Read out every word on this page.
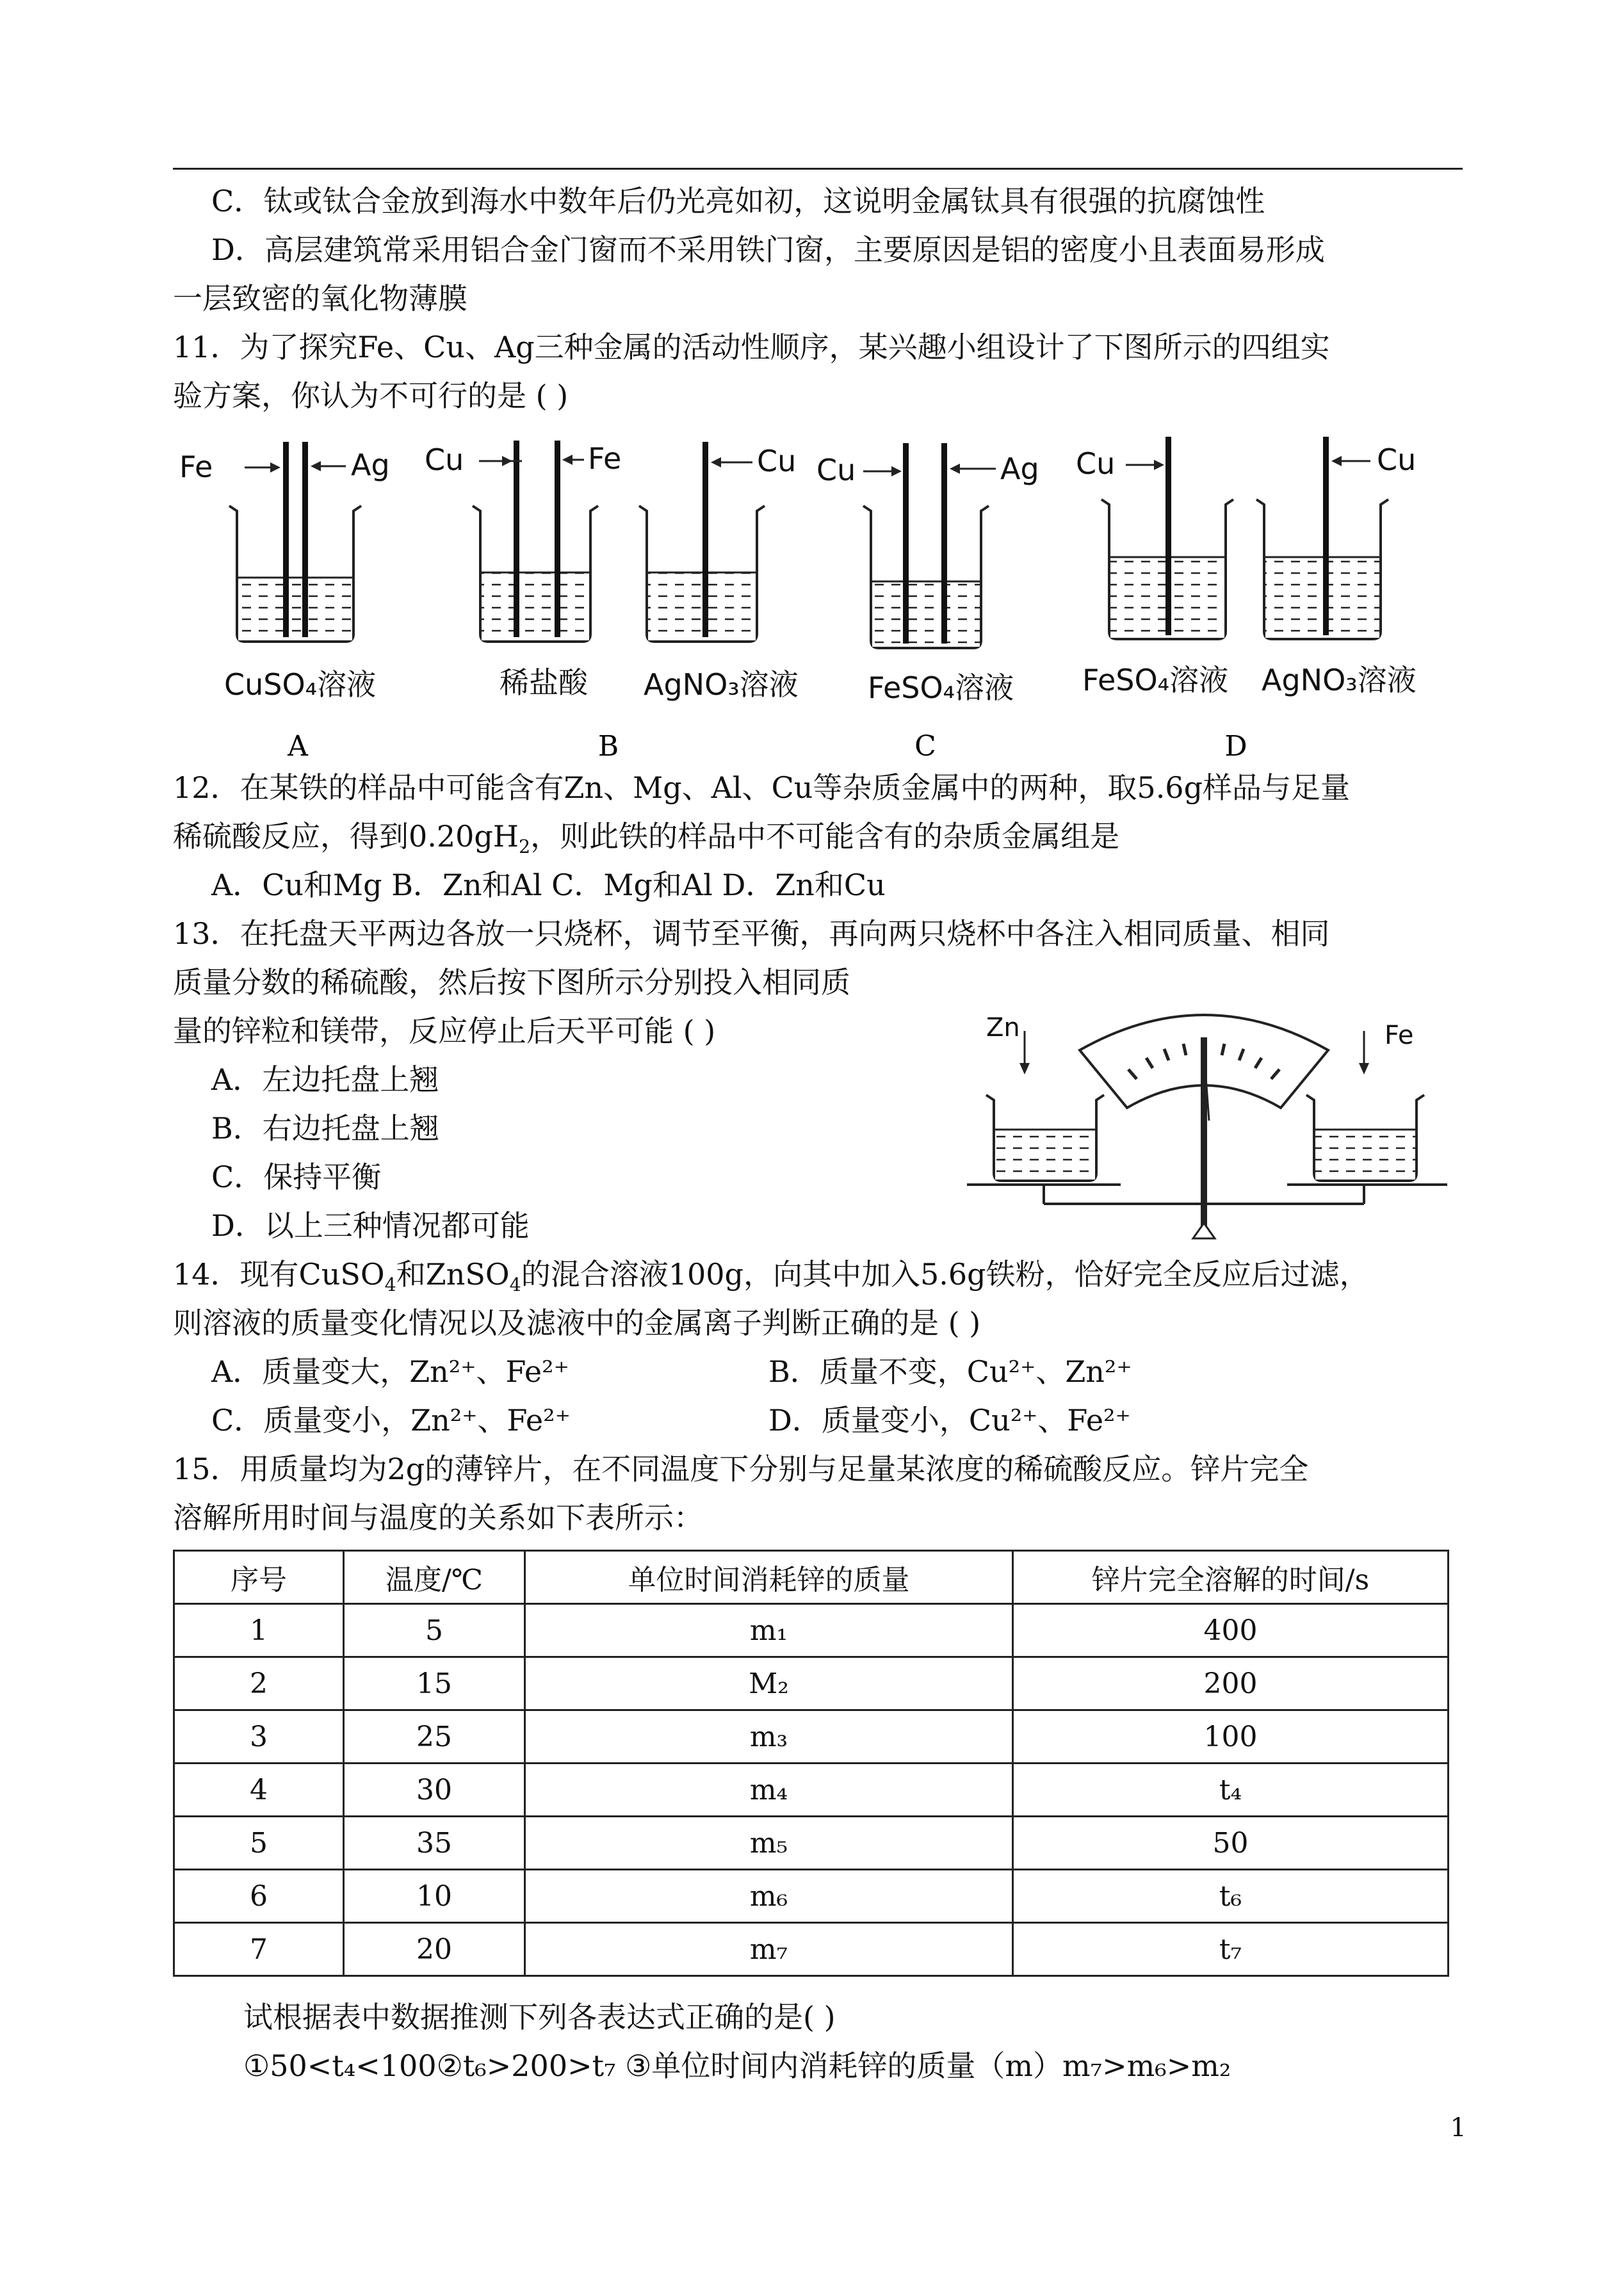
C．钛或钛合金放到海水中数年后仍光亮如初，这说明金属钛具有很强的抗腐蚀性
D．高层建筑常采用铝合金门窗而不采用铁门窗，主要原因是铝的密度小且表面易形成
一层致密的氧化物薄膜
11．为了探究Fe、Cu、Ag三种金属的活动性顺序，某兴趣小组设计了下图所示的四组实
验方案，你认为不可行的是 ( )
Fe	Ag
CuSO₄溶液
A
Cu	Fe
稀盐酸
Cu
AgNO₃溶液
B
Cu	Ag
FeSO₄溶液
C
Cu
FeSO₄溶液
Cu
AgNO₃溶液
D
12．在某铁的样品中可能含有Zn、Mg、Al、Cu等杂质金属中的两种，取5.6g样品与足量
稀硫酸反应，得到$0.20gH_2$，则此铁的样品中不可能含有的杂质金属组是
A．Cu和Mg B．Zn和Al C．Mg和Al D．Zn和Cu
13．在托盘天平两边各放一只烧杯，调节至平衡，再向两只烧杯中各注入相同质量、相同
质量分数的稀硫酸，然后按下图所示分别投入相同质
量的锌粒和镁带，反应停止后天平可能 ( )
A．左边托盘上翘
B．右边托盘上翘
C．保持平衡
D．以上三种情况都可能
Zn	Fe
14．现有CuSO$_4$和ZnSO$_4$的混合溶液100g，向其中加入5.6g铁粉，恰好完全反应后过滤，
则溶液的质量变化情况以及滤液中的金属离子判断正确的是 ( )
A．质量变大，Zn²⁺、Fe²⁺	B．质量不变，Cu²⁺、Zn²⁺
C．质量变小，Zn²⁺、Fe²⁺	D．质量变小，Cu²⁺、Fe²⁺
15．用质量均为2g的薄锌片，在不同温度下分别与足量某浓度的稀硫酸反应。锌片完全
溶解所用时间与温度的关系如下表所示：
序号	温度/℃	单位时间消耗锌的质量	锌片完全溶解的时间/s
1	5	m₁	400
2	15	M₂	200
3	25	m₃	100
4	30	m₄	t₄
5	35	m₅	50
6	10	m₆	t₆
7	20	m₇	t₇
试根据表中数据推测下列各表达式正确的是( )
①50<t₄<100②t₆>200>t₇ ③单位时间内消耗锌的质量（m）m₇>m₆>m₂
1
